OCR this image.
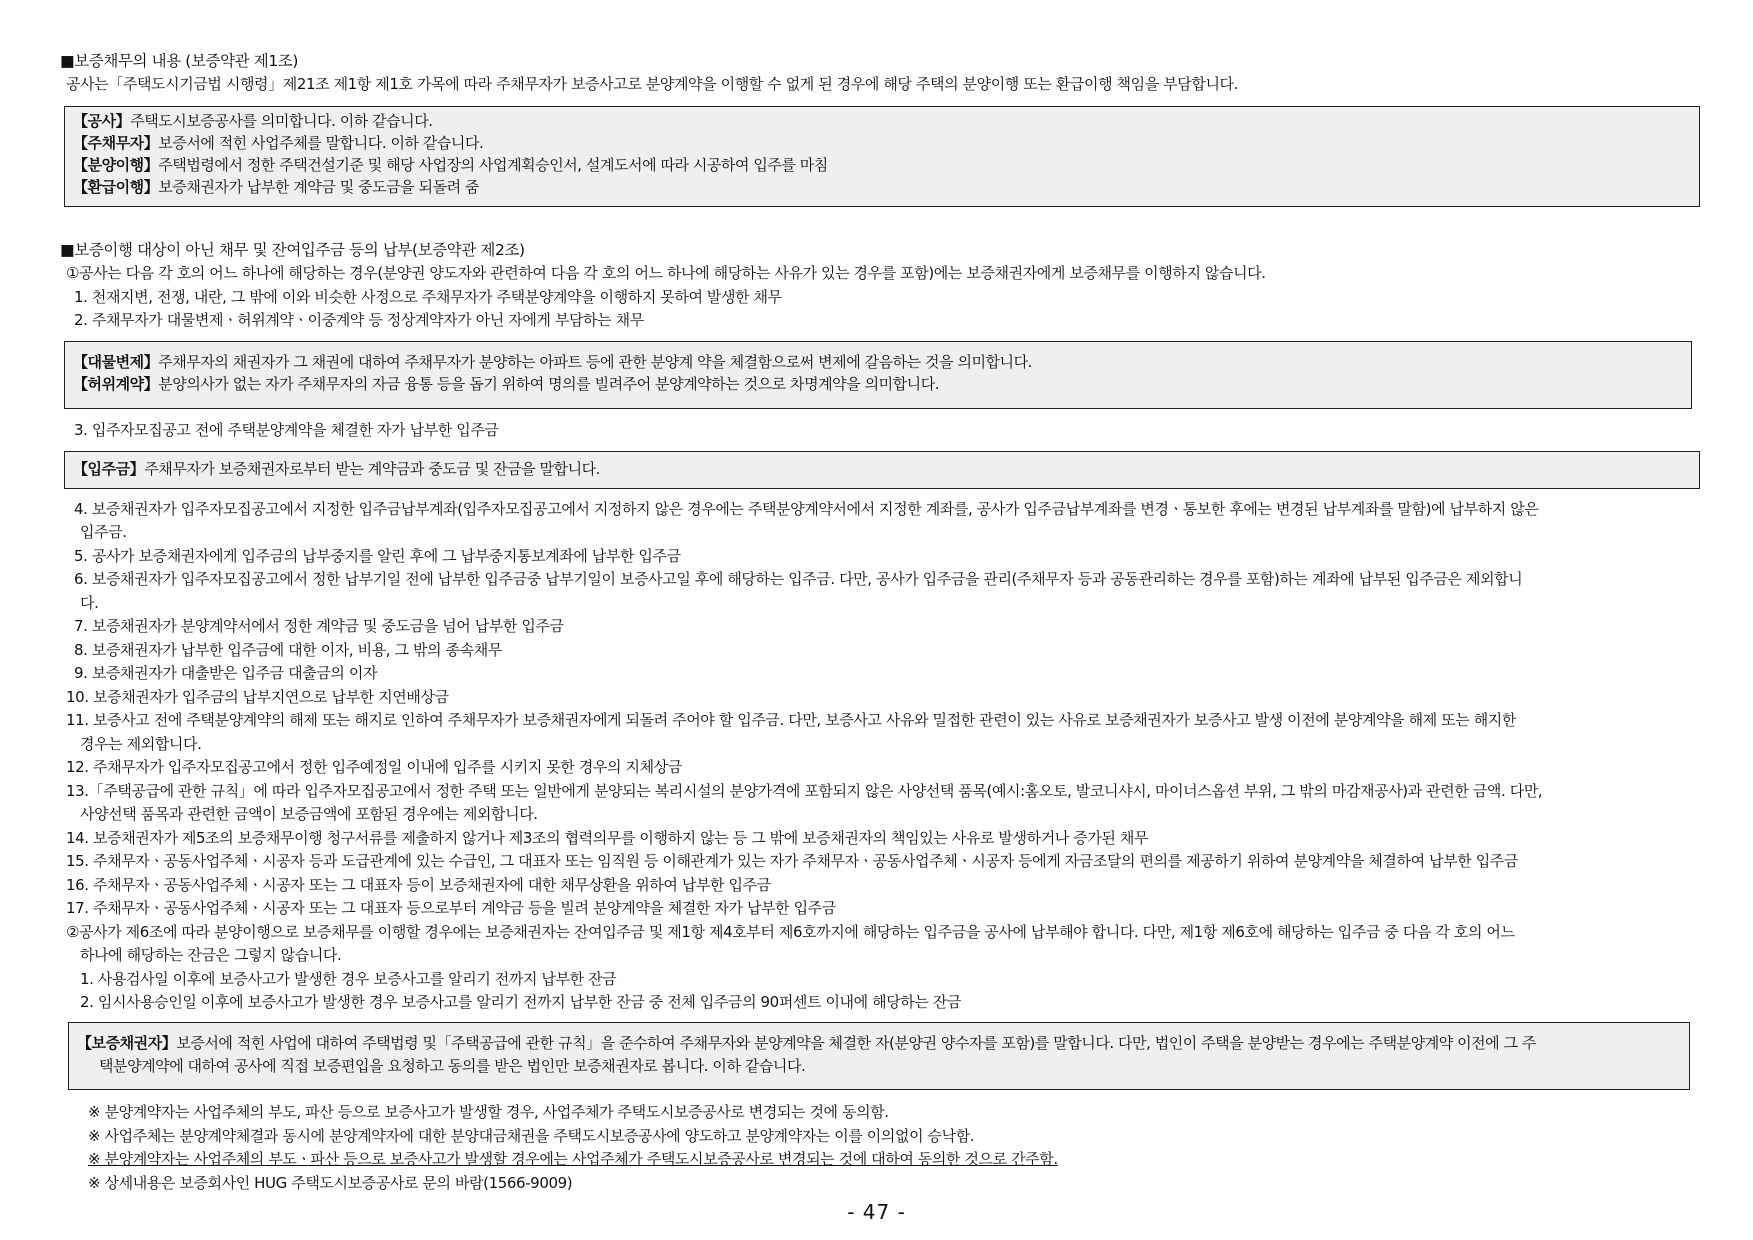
■보증채무의 내용 (보증약관 제1조)
공사는「주택도시기금법 시행령」제21조 제1항 제1호 가목에 따라 주채무자가 보증사고로 분양계약을 이행할 수 없게 된 경우에 해당 주택의 분양이행 또는 환급이행 책임을 부담합니다.
【공사】주택도시보증공사를 의미합니다. 이하 같습니다.
【주채무자】보증서에 적힌 사업주체를 말합니다. 이하 같습니다.
【분양이행】주택법령에서 정한 주택건설기준 및 해당 사업장의 사업계획승인서, 설계도서에 따라 시공하여 입주를 마침
【환급이행】보증채권자가 납부한 계약금 및 중도금을 되돌려 줌
■보증이행 대상이 아닌 채무 및 잔여입주금 등의 납부(보증약관 제2조)
①공사는 다음 각 호의 어느 하나에 해당하는 경우(분양권 양도자와 관련하여 다음 각 호의 어느 하나에 해당하는 사유가 있는 경우를 포함)에는 보증채권자에게 보증채무를 이행하지 않습니다.
1. 천재지변, 전쟁, 내란, 그 밖에 이와 비슷한 사정으로 주채무자가 주택분양계약을 이행하지 못하여 발생한 채무
2. 주채무자가 대물변제ㆍ허위계약ㆍ이중계약 등 정상계약자가 아닌 자에게 부담하는 채무
【대물변제】주채무자의 채권자가 그 채권에 대하여 주채무자가 분양하는 아파트 등에 관한 분양계 약을 체결함으로써 변제에 갈음하는 것을 의미합니다.
【허위계약】분양의사가 없는 자가 주채무자의 자금 융통 등을 돕기 위하여 명의를 빌려주어 분양계약하는 것으로 차명계약을 의미합니다.
3. 입주자모집공고 전에 주택분양계약을 체결한 자가 납부한 입주금
【입주금】주채무자가 보증채권자로부터 받는 계약금과 중도금 및 잔금을 말합니다.
4. 보증채권자가 입주자모집공고에서 지정한 입주금납부계좌(입주자모집공고에서 지정하지 않은 경우에는 주택분양계약서에서 지정한 계좌를, 공사가 입주금납부계좌를 변경ㆍ통보한 후에는 변경된 납부계좌를 말함)에 납부하지 않은
입주금.
5. 공사가 보증채권자에게 입주금의 납부중지를 알린 후에 그 납부중지통보계좌에 납부한 입주금
6. 보증채권자가 입주자모집공고에서 정한 납부기일 전에 납부한 입주금중 납부기일이 보증사고일 후에 해당하는 입주금. 다만, 공사가 입주금을 관리(주채무자 등과 공동관리하는 경우를 포함)하는 계좌에 납부된 입주금은 제외합니
다.
7. 보증채권자가 분양계약서에서 정한 계약금 및 중도금을 넘어 납부한 입주금
8. 보증채권자가 납부한 입주금에 대한 이자, 비용, 그 밖의 종속채무
9. 보증채권자가 대출받은 입주금 대출금의 이자
10. 보증채권자가 입주금의 납부지연으로 납부한 지연배상금
11. 보증사고 전에 주택분양계약의 해제 또는 해지로 인하여 주채무자가 보증채권자에게 되돌려 주어야 할 입주금. 다만, 보증사고 사유와 밀접한 관련이 있는 사유로 보증채권자가 보증사고 발생 이전에 분양계약을 해제 또는 해지한
경우는 제외합니다.
12. 주채무자가 입주자모집공고에서 정한 입주예정일 이내에 입주를 시키지 못한 경우의 지체상금
13.「주택공급에 관한 규칙」에 따라 입주자모집공고에서 정한 주택 또는 일반에게 분양되는 복리시설의 분양가격에 포함되지 않은 사양선택 품목(예시:홈오토, 발코니샤시, 마이너스옵션 부위, 그 밖의 마감재공사)과 관련한 금액. 다만,
사양선택 품목과 관련한 금액이 보증금액에 포함된 경우에는 제외합니다.
14. 보증채권자가 제5조의 보증채무이행 청구서류를 제출하지 않거나 제3조의 협력의무를 이행하지 않는 등 그 밖에 보증채권자의 책임있는 사유로 발생하거나 증가된 채무
15. 주채무자ㆍ공동사업주체ㆍ시공자 등과 도급관계에 있는 수급인, 그 대표자 또는 임직원 등 이해관계가 있는 자가 주채무자ㆍ공동사업주체ㆍ시공자 등에게 자금조달의 편의를 제공하기 위하여 분양계약을 체결하여 납부한 입주금
16. 주채무자ㆍ공동사업주체ㆍ시공자 또는 그 대표자 등이 보증채권자에 대한 채무상환을 위하여 납부한 입주금
17. 주채무자ㆍ공동사업주체ㆍ시공자 또는 그 대표자 등으로부터 계약금 등을 빌려 분양계약을 체결한 자가 납부한 입주금
②공사가 제6조에 따라 분양이행으로 보증채무를 이행할 경우에는 보증채권자는 잔여입주금 및 제1항 제4호부터 제6호까지에 해당하는 입주금을 공사에 납부해야 합니다. 다만, 제1항 제6호에 해당하는 입주금 중 다음 각 호의 어느
하나에 해당하는 잔금은 그렇지 않습니다.
1. 사용검사일 이후에 보증사고가 발생한 경우 보증사고를 알리기 전까지 납부한 잔금
2. 임시사용승인일 이후에 보증사고가 발생한 경우 보증사고를 알리기 전까지 납부한 잔금 중 전체 입주금의 90퍼센트 이내에 해당하는 잔금
【보증채권자】보증서에 적힌 사업에 대하여 주택법령 및「주택공급에 관한 규칙」을 준수하여 주채무자와 분양계약을 체결한 자(분양권 양수자를 포함)를 말합니다. 다만, 법인이 주택을 분양받는 경우에는 주택분양계약 이전에 그 주
택분양계약에 대하여 공사에 직접 보증편입을 요청하고 동의를 받은 법인만 보증채권자로 봅니다. 이하 같습니다.
※ 분양계약자는 사업주체의 부도, 파산 등으로 보증사고가 발생할 경우, 사업주체가 주택도시보증공사로 변경되는 것에 동의함.
※ 사업주체는 분양계약체결과 동시에 분양계약자에 대한 분양대금채권을 주택도시보증공사에 양도하고 분양계약자는 이를 이의없이 승낙함.
※ 분양계약자는 사업주체의 부도ㆍ파산 등으로 보증사고가 발생할 경우에는 사업주체가 주택도시보증공사로 변경되는 것에 대하여 동의한 것으로 간주함.
※ 상세내용은 보증회사인 HUG 주택도시보증공사로 문의 바람(1566-9009)
- 47 -
